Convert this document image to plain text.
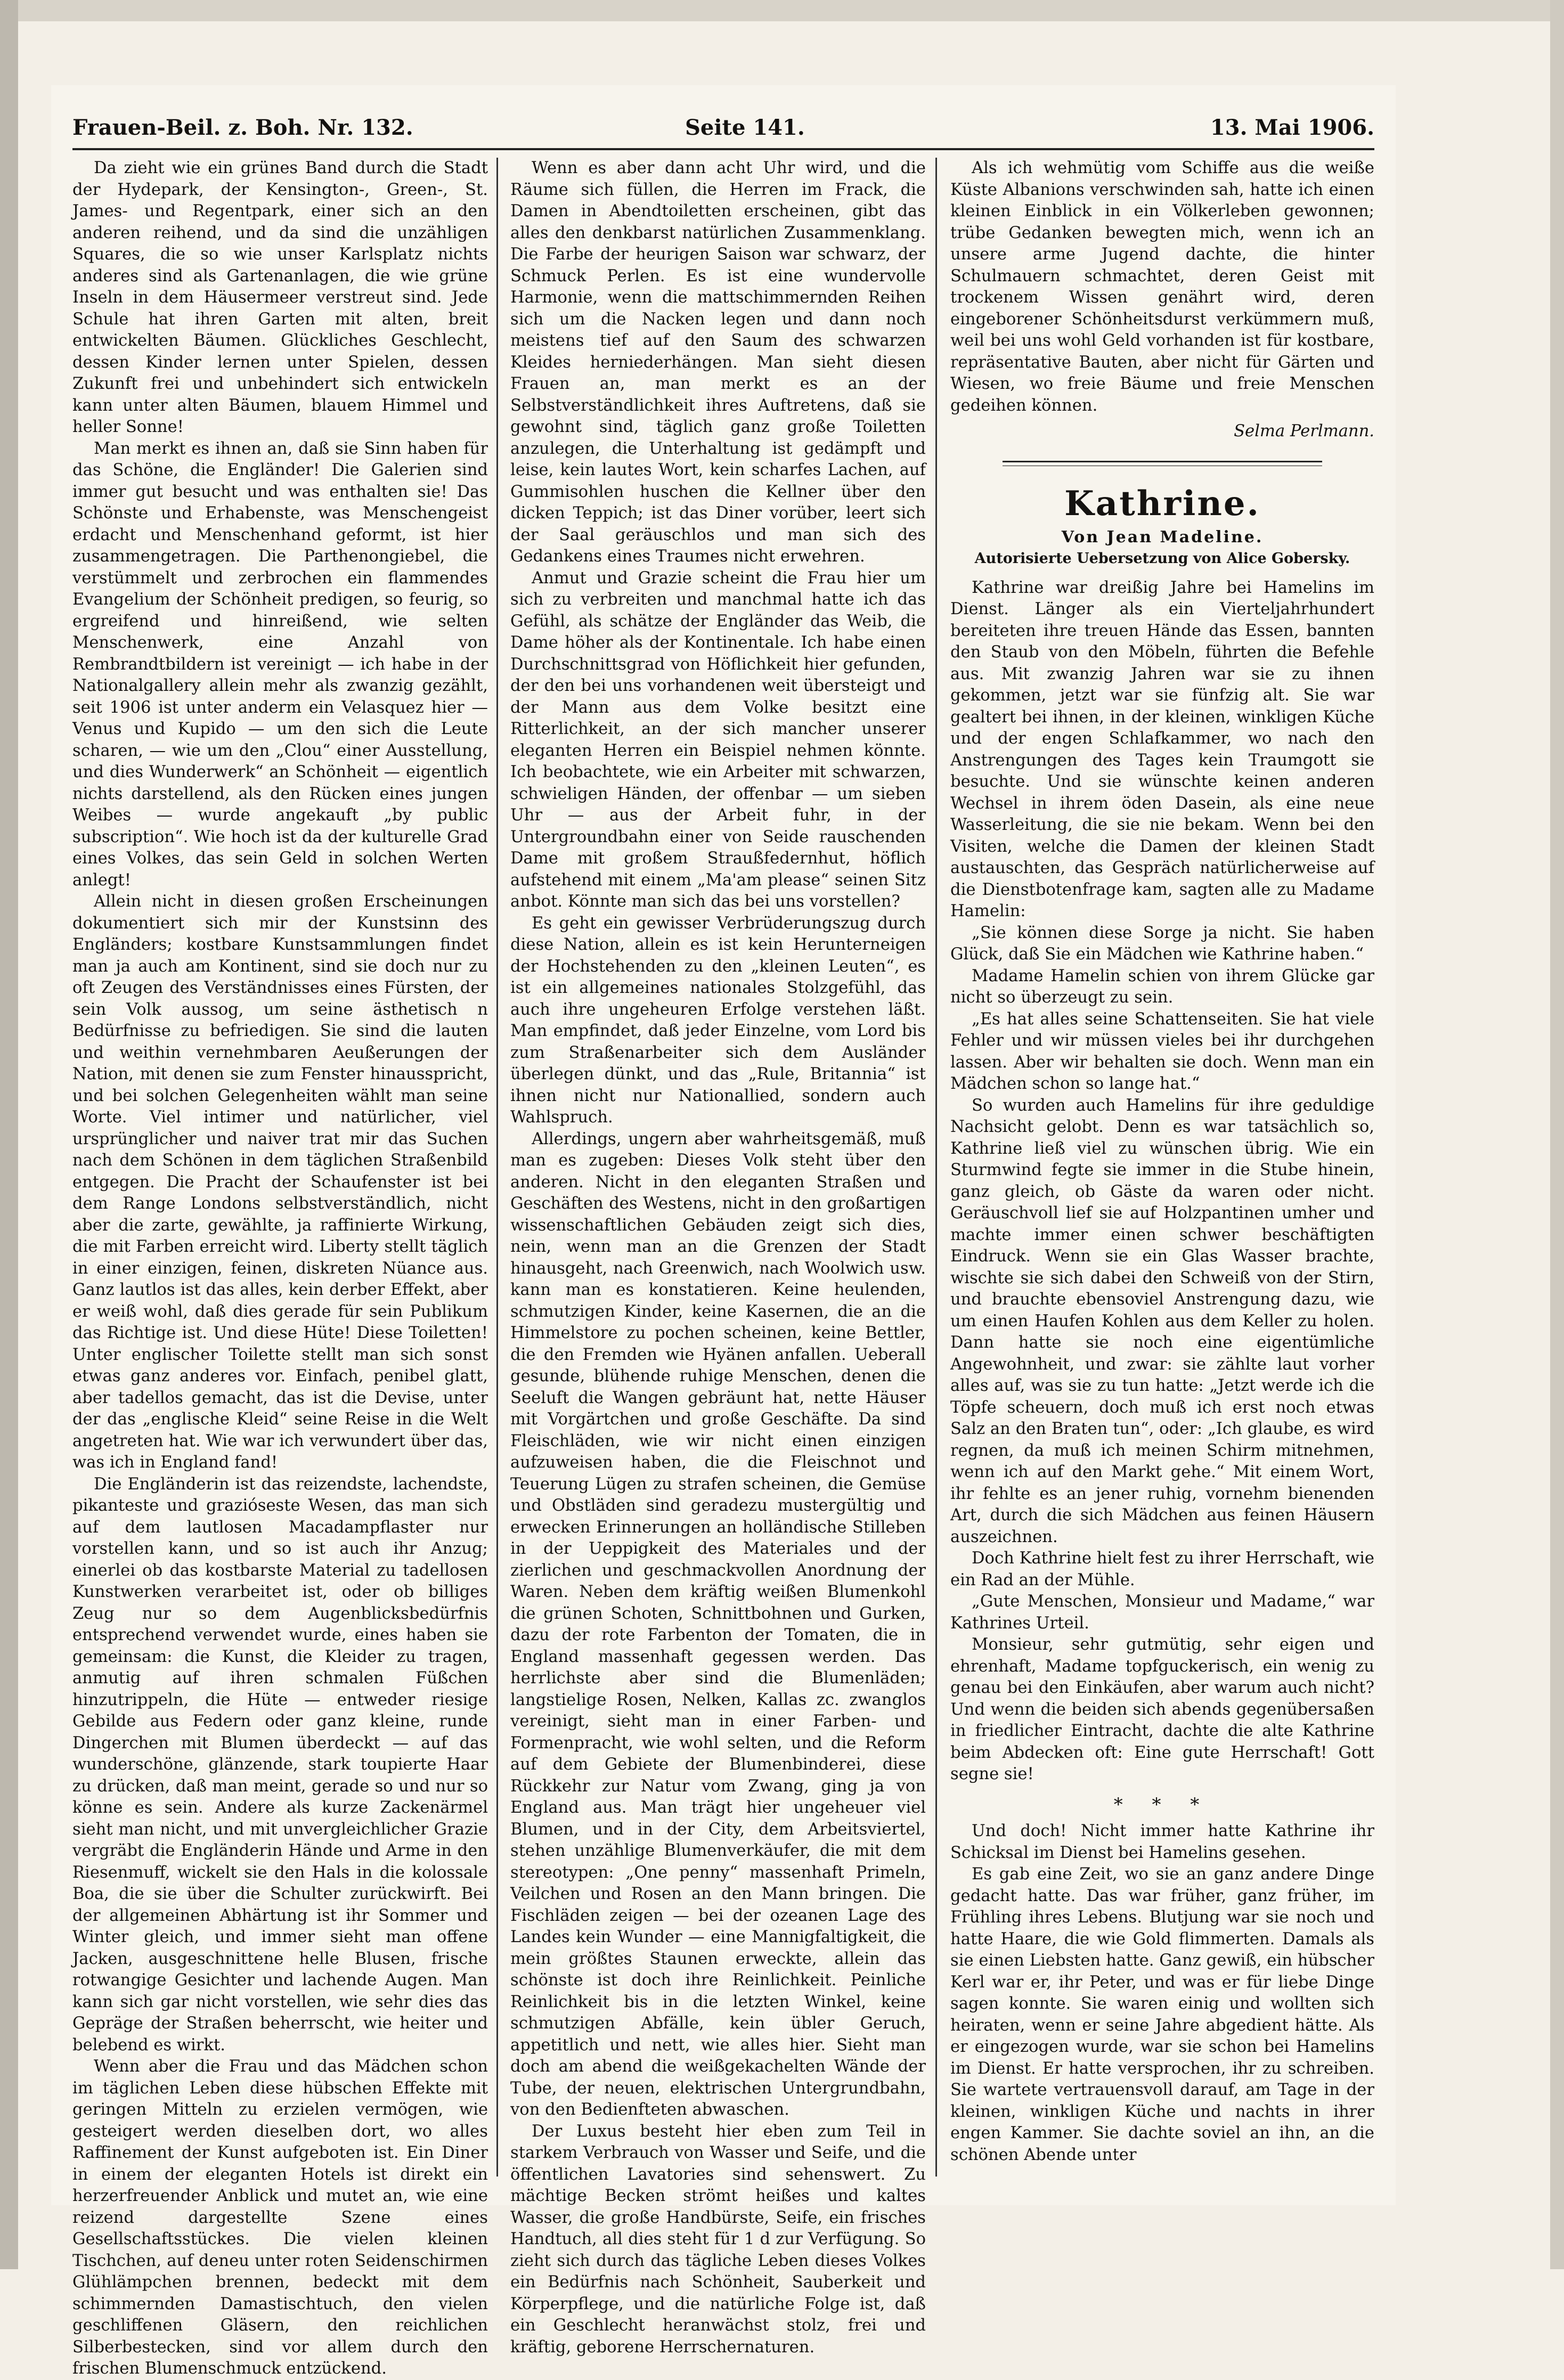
Frauen-Beil. z. Boh. Nr. 132.	Seite 141.	13. Mai 1906.

Da zieht wie ein grünes Band durch die Stadt der Hydepark, der Kensington-, Green-, St. James- und Regentpark, einer sich an den anderen reihend, und da sind die unzähligen Squares, die so wie unser Karlsplatz nichts anderes sind als Gartenanlagen, die wie grüne Inseln in dem Häusermeer verstreut sind. Jede Schule hat ihren Garten mit alten, breit entwickelten Bäumen. Glückliches Geschlecht, dessen Kinder lernen unter Spielen, dessen Zukunft frei und unbehindert sich entwickeln kann unter alten Bäumen, blauem Himmel und heller Sonne!

Man merkt es ihnen an, daß sie Sinn haben für das Schöne, die Engländer! Die Galerien sind immer gut besucht und was enthalten sie! Das Schönste und Erhabenste, was Menschengeist erdacht und Menschenhand geformt, ist hier zusammengetragen. Die Parthenongiebel, die verstümmelt und zerbrochen ein flammendes Evangelium der Schönheit predigen, so feurig, so ergreifend und hinreißend, wie selten Menschenwerk, eine Anzahl von Rembrandtbildern ist vereinigt — ich habe in der Nationalgallery allein mehr als zwanzig gezählt, seit 1906 ist unter anderm ein Velasquez hier — Venus und Kupido — um den sich die Leute scharen, — wie um den „Clou“ einer Ausstellung, und dies Wunderwerk“ an Schönheit — eigentlich nichts darstellend, als den Rücken eines jungen Weibes — wurde angekauft „by public subscription“. Wie hoch ist da der kulturelle Grad eines Volkes, das sein Geld in solchen Werten anlegt!

Allein nicht in diesen großen Erscheinungen dokumentiert sich mir der Kunstsinn des Engländers; kostbare Kunstsammlungen findet man ja auch am Kontinent, sind sie doch nur zu oft Zeugen des Verständnisses eines Fürsten, der sein Volk aussog, um seine ästhetisch n Bedürfnisse zu befriedigen. Sie sind die lauten und weithin vernehmbaren Aeußerungen der Nation, mit denen sie zum Fenster hinausspricht, und bei solchen Gelegenheiten wählt man seine Worte. Viel intimer und natürlicher, viel ursprünglicher und naiver trat mir das Suchen nach dem Schönen in dem täglichen Straßenbild entgegen. Die Pracht der Schaufenster ist bei dem Range Londons selbstverständlich, nicht aber die zarte, gewählte, ja raffinierte Wirkung, die mit Farben erreicht wird. Liberty stellt täglich in einer einzigen, feinen, diskreten Nüance aus. Ganz lautlos ist das alles, kein derber Effekt, aber er weiß wohl, daß dies gerade für sein Publikum das Richtige ist. Und diese Hüte! Diese Toiletten! Unter englischer Toilette stellt man sich sonst etwas ganz anderes vor. Einfach, penibel glatt, aber tadellos gemacht, das ist die Devise, unter der das „englische Kleid“ seine Reise in die Welt angetreten hat. Wie war ich verwundert über das, was ich in England fand!

Die Engländerin ist das reizendste, lachendste, pikanteste und grazióseste Wesen, das man sich auf dem lautlosen Macadampflaster nur vorstellen kann, und so ist auch ihr Anzug; einerlei ob das kostbarste Material zu tadellosen Kunstwerken verarbeitet ist, oder ob billiges Zeug nur so dem Augenblicksbedürfnis entsprechend verwendet wurde, eines haben sie gemeinsam: die Kunst, die Kleider zu tragen, anmutig auf ihren schmalen Füßchen hinzutrippeln, die Hüte — entweder riesige Gebilde aus Federn oder ganz kleine, runde Dingerchen mit Blumen überdeckt — auf das wunderschöne, glänzende, stark toupierte Haar zu drücken, daß man meint, gerade so und nur so könne es sein. Andere als kurze Zackenärmel sieht man nicht, und mit unvergleichlicher Grazie vergräbt die Engländerin Hände und Arme in den Riesenmuff, wickelt sie den Hals in die kolossale Boa, die sie über die Schulter zurückwirft. Bei der allgemeinen Abhärtung ist ihr Sommer und Winter gleich, und immer sieht man offene Jacken, ausgeschnittene helle Blusen, frische rotwangige Gesichter und lachende Augen. Man kann sich gar nicht vorstellen, wie sehr dies das Gepräge der Straßen beherrscht, wie heiter und belebend es wirkt.

Wenn aber die Frau und das Mädchen schon im täglichen Leben diese hübschen Effekte mit geringen Mitteln zu erzielen vermögen, wie gesteigert werden dieselben dort, wo alles Raffinement der Kunst aufgeboten ist. Ein Diner in einem der eleganten Hotels ist direkt ein herzerfreuender Anblick und mutet an, wie eine reizend dargestellte Szene eines Gesellschaftsstückes. Die vielen kleinen Tischchen, auf deneu unter roten Seidenschirmen Glühlämpchen brennen, bedeckt mit dem schimmernden Damastischtuch, den vielen geschliffenen Gläsern, den reichlichen Silberbestecken, sind vor allem durch den frischen Blumenschmuck entzückend.

Wenn es aber dann acht Uhr wird, und die Räume sich füllen, die Herren im Frack, die Damen in Abendtoiletten erscheinen, gibt das alles den denkbarst natürlichen Zusammenklang. Die Farbe der heurigen Saison war schwarz, der Schmuck Perlen. Es ist eine wundervolle Harmonie, wenn die mattschimmernden Reihen sich um die Nacken legen und dann noch meistens tief auf den Saum des schwarzen Kleides herniederhängen. Man sieht diesen Frauen an, man merkt es an der Selbstverständlichkeit ihres Auftretens, daß sie gewohnt sind, täglich ganz große Toiletten anzulegen, die Unterhaltung ist gedämpft und leise, kein lautes Wort, kein scharfes Lachen, auf Gummisohlen huschen die Kellner über den dicken Teppich; ist das Diner vorüber, leert sich der Saal geräuschlos und man sich des Gedankens eines Traumes nicht erwehren.

Anmut und Grazie scheint die Frau hier um sich zu verbreiten und manchmal hatte ich das Gefühl, als schätze der Engländer das Weib, die Dame höher als der Kontinentale. Ich habe einen Durchschnittsgrad von Höflichkeit hier gefunden, der den bei uns vorhandenen weit übersteigt und der Mann aus dem Volke besitzt eine Ritterlichkeit, an der sich mancher unserer eleganten Herren ein Beispiel nehmen könnte. Ich beobachtete, wie ein Arbeiter mit schwarzen, schwieligen Händen, der offenbar — um sieben Uhr — aus der Arbeit fuhr, in der Untergroundbahn einer von Seide rauschenden Dame mit großem Straußfedernhut, höflich aufstehend mit einem „Ma'am please“ seinen Sitz anbot. Könnte man sich das bei uns vorstellen?

Es geht ein gewisser Verbrüderungszug durch diese Nation, allein es ist kein Herunterneigen der Hochstehenden zu den „kleinen Leuten“, es ist ein allgemeines nationales Stolzgefühl, das auch ihre ungeheuren Erfolge verstehen läßt. Man empfindet, daß jeder Einzelne, vom Lord bis zum Straßenarbeiter sich dem Ausländer überlegen dünkt, und das „Rule, Britannia“ ist ihnen nicht nur Nationallied, sondern auch Wahlspruch.

Allerdings, ungern aber wahrheitsgemäß, muß man es zugeben: Dieses Volk steht über den anderen. Nicht in den eleganten Straßen und Geschäften des Westens, nicht in den großartigen wissenschaftlichen Gebäuden zeigt sich dies, nein, wenn man an die Grenzen der Stadt hinausgeht, nach Greenwich, nach Woolwich usw. kann man es konstatieren. Keine heulenden, schmutzigen Kinder, keine Kasernen, die an die Himmelstore zu pochen scheinen, keine Bettler, die den Fremden wie Hyänen anfallen. Ueberall gesunde, blühende ruhige Menschen, denen die Seeluft die Wangen gebräunt hat, nette Häuser mit Vorgärtchen und große Geschäfte. Da sind Fleischläden, wie wir nicht einen einzigen aufzuweisen haben, die die Fleischnot und Teuerung Lügen zu strafen scheinen, die Gemüse und Obstläden sind geradezu mustergültig und erwecken Erinnerungen an holländische Stilleben in der Ueppigkeit des Materiales und der zierlichen und geschmackvollen Anordnung der Waren. Neben dem kräftig weißen Blumenkohl die grünen Schoten, Schnittbohnen und Gurken, dazu der rote Farbenton der Tomaten, die in England massenhaft gegessen werden. Das herrlichste aber sind die Blumenläden; langstielige Rosen, Nelken, Kallas zc. zwanglos vereinigt, sieht man in einer Farben- und Formenpracht, wie wohl selten, und die Reform auf dem Gebiete der Blumenbinderei, diese Rückkehr zur Natur vom Zwang, ging ja von England aus. Man trägt hier ungeheuer viel Blumen, und in der City, dem Arbeitsviertel, stehen unzählige Blumenverkäufer, die mit dem stereotypen: „One penny“ massenhaft Primeln, Veilchen und Rosen an den Mann bringen. Die Fischläden zeigen — bei der ozeanen Lage des Landes kein Wunder — eine Mannigfaltigkeit, die mein größtes Staunen erweckte, allein das schönste ist doch ihre Reinlichkeit. Peinliche Reinlichkeit bis in die letzten Winkel, keine schmutzigen Abfälle, kein übler Geruch, appetitlich und nett, wie alles hier. Sieht man doch am abend die weißgekachelten Wände der Tube, der neuen, elektrischen Untergrundbahn, von den Bedienfteten abwaschen.

Der Luxus besteht hier eben zum Teil in starkem Verbrauch von Wasser und Seife, und die öffentlichen Lavatories sind sehenswert. Zu mächtige Becken strömt heißes und kaltes Wasser, die große Handbürste, Seife, ein frisches Handtuch, all dies steht für 1 d zur Verfügung. So zieht sich durch das tägliche Leben dieses Volkes ein Bedürfnis nach Schönheit, Sauberkeit und Körperpflege, und die natürliche Folge ist, daß ein Geschlecht heranwächst stolz, frei und kräftig, geborene Herrschernaturen.

Als ich wehmütig vom Schiffe aus die weiße Küste Albanions verschwinden sah, hatte ich einen kleinen Einblick in ein Völkerleben gewonnen; trübe Gedanken bewegten mich, wenn ich an unsere arme Jugend dachte, die hinter Schulmauern schmachtet, deren Geist mit trockenem Wissen genährt wird, deren eingeborener Schönheitsdurst verkümmern muß, weil bei uns wohl Geld vorhanden ist für kostbare, repräsentative Bauten, aber nicht für Gärten und Wiesen, wo freie Bäume und freie Menschen gedeihen können.

Selma Perlmann.

Kathrine.

Von Jean Madeline.

Autorisierte Uebersetzung von Alice Gobersky.

Kathrine war dreißig Jahre bei Hamelins im Dienst. Länger als ein Vierteljahrhundert bereiteten ihre treuen Hände das Essen, bannten den Staub von den Möbeln, führten die Befehle aus. Mit zwanzig Jahren war sie zu ihnen gekommen, jetzt war sie fünfzig alt. Sie war gealtert bei ihnen, in der kleinen, winkligen Küche und der engen Schlafkammer, wo nach den Anstrengungen des Tages kein Traumgott sie besuchte. Und sie wünschte keinen anderen Wechsel in ihrem öden Dasein, als eine neue Wasserleitung, die sie nie bekam. Wenn bei den Visiten, welche die Damen der kleinen Stadt austauschten, das Gespräch natürlicherweise auf die Dienstbotenfrage kam, sagten alle zu Madame Hamelin:

„Sie können diese Sorge ja nicht. Sie haben Glück, daß Sie ein Mädchen wie Kathrine haben.“

Madame Hamelin schien von ihrem Glücke gar nicht so überzeugt zu sein.

„Es hat alles seine Schattenseiten. Sie hat viele Fehler und wir müssen vieles bei ihr durchgehen lassen. Aber wir behalten sie doch. Wenn man ein Mädchen schon so lange hat.“

So wurden auch Hamelins für ihre geduldige Nachsicht gelobt. Denn es war tatsächlich so, Kathrine ließ viel zu wünschen übrig. Wie ein Sturmwind fegte sie immer in die Stube hinein, ganz gleich, ob Gäste da waren oder nicht. Geräuschvoll lief sie auf Holzpantinen umher und machte immer einen schwer beschäftigten Eindruck. Wenn sie ein Glas Wasser brachte, wischte sie sich dabei den Schweiß von der Stirn, und brauchte ebensoviel Anstrengung dazu, wie um einen Haufen Kohlen aus dem Keller zu holen. Dann hatte sie noch eine eigentümliche Angewohnheit, und zwar: sie zählte laut vorher alles auf, was sie zu tun hatte: „Jetzt werde ich die Töpfe scheuern, doch muß ich erst noch etwas Salz an den Braten tun“, oder: „Ich glaube, es wird regnen, da muß ich meinen Schirm mitnehmen, wenn ich auf den Markt gehe.“ Mit einem Wort, ihr fehlte es an jener ruhig, vornehm bienenden Art, durch die sich Mädchen aus feinen Häusern auszeichnen.

Doch Kathrine hielt fest zu ihrer Herrschaft, wie ein Rad an der Mühle.

„Gute Menschen, Monsieur und Madame,“ war Kathrines Urteil.

Monsieur, sehr gutmütig, sehr eigen und ehrenhaft, Madame topfguckerisch, ein wenig zu genau bei den Einkäufen, aber warum auch nicht? Und wenn die beiden sich abends gegenübersaßen in friedlicher Eintracht, dachte die alte Kathrine beim Abdecken oft: Eine gute Herrschaft! Gott segne sie!

* * *

Und doch! Nicht immer hatte Kathrine ihr Schicksal im Dienst bei Hamelins gesehen.

Es gab eine Zeit, wo sie an ganz andere Dinge gedacht hatte. Das war früher, ganz früher, im Frühling ihres Lebens. Blutjung war sie noch und hatte Haare, die wie Gold flimmerten. Damals als sie einen Liebsten hatte. Ganz gewiß, ein hübscher Kerl war er, ihr Peter, und was er für liebe Dinge sagen konnte. Sie waren einig und wollten sich heiraten, wenn er seine Jahre abgedient hätte. Als er eingezogen wurde, war sie schon bei Hamelins im Dienst. Er hatte versprochen, ihr zu schreiben. Sie wartete vertrauensvoll darauf, am Tage in der kleinen, winkligen Küche und nachts in ihrer engen Kammer. Sie dachte soviel an ihn, an die schönen Abende unter
